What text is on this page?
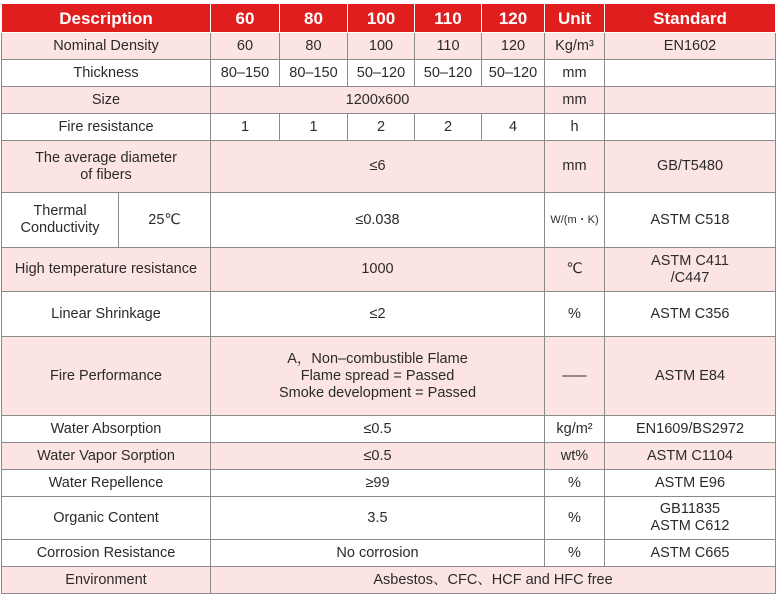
Description		60	80	100	110	120	Unit	Standard
Nominal Density		60	80	100	110	120	Kg/m³	EN1602
Thickness		80–150	80–150	50–120	50–120	50–120	mm	
Size		1200x600					mm	
Fire resistance		1	1	2	2	4	h	
The average diameter
of fibers		≤6					mm	GB/T5480
Thermal
Conductivity	25℃	≤0.038					W/(m・K)	ASTM C518
High temperature resistance		1000					℃	ASTM C411
/C447
Linear Shrinkage		≤2					%	ASTM C356
Fire Performance		A，Non–combustible Flame
Flame spread = Passed
Smoke development = Passed					–––	ASTM E84
Water Absorption		≤0.5					kg/m²	EN1609/BS2972
Water Vapor Sorption		≤0.5					wt%	ASTM C1104
Water Repellence		≥99					%	ASTM E96
Organic Content		3.5					%	GB11835
ASTM C612
Corrosion Resistance		No corrosion					%	ASTM C665
Environment		Asbestos、CFC、HCF and HFC free						
